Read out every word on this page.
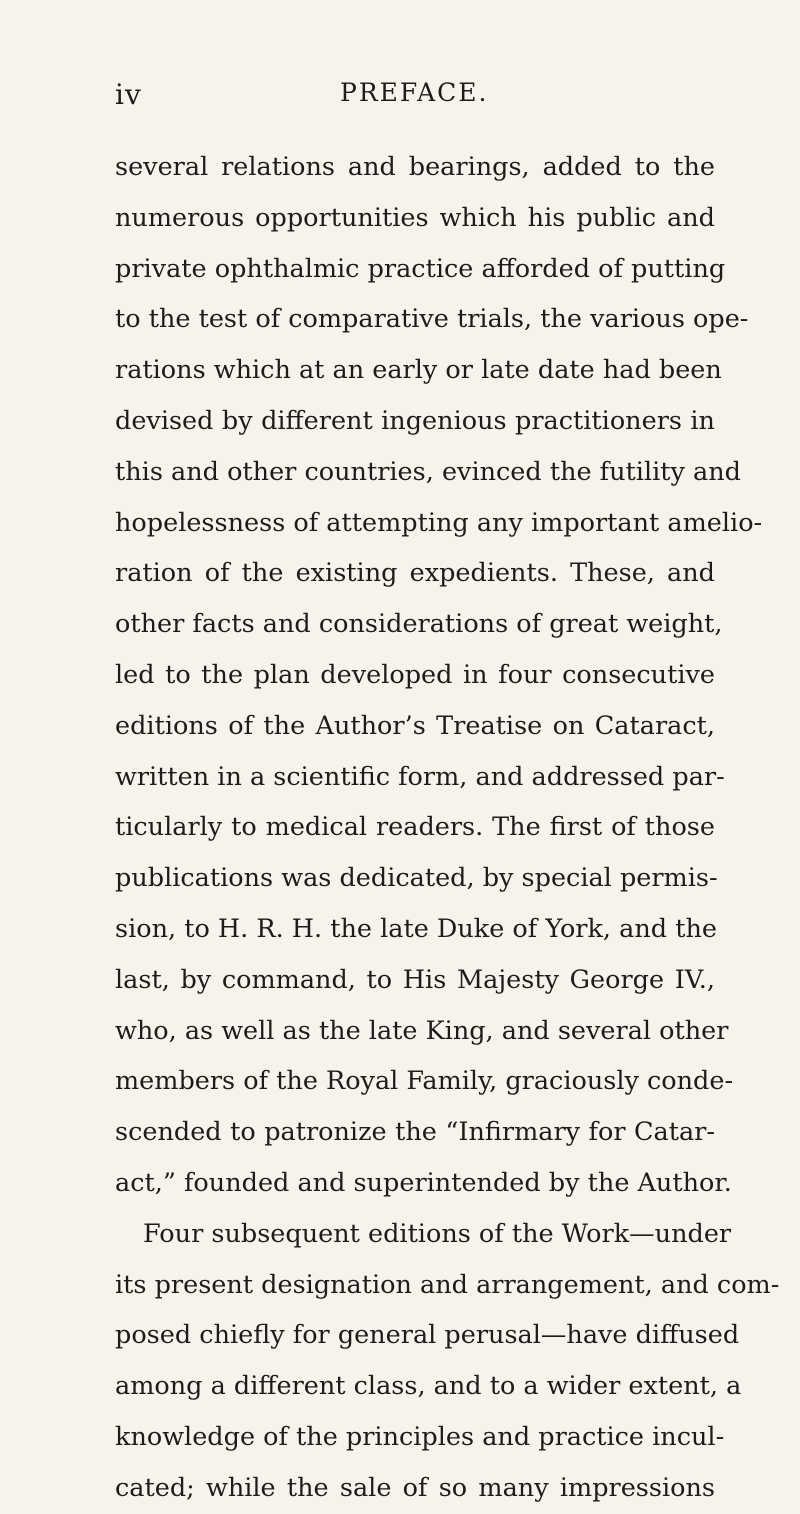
iv	PREFACE.
several relations and bearings, added to the
numerous opportunities which his public and
private ophthalmic practice afforded of putting
to the test of comparative trials, the various ope-
rations which at an early or late date had been
devised by different ingenious practitioners in
this and other countries, evinced the futility and
hopelessness of attempting any important amelio-
ration of the existing expedients. These, and
other facts and considerations of great weight,
led to the plan developed in four consecutive
editions of the Author’s Treatise on Cataract,
written in a scientific form, and addressed par-
ticularly to medical readers. The first of those
publications was dedicated, by special permis-
sion, to H. R. H. the late Duke of York, and the
last, by command, to His Majesty George IV.,
who, as well as the late King, and several other
members of the Royal Family, graciously conde-
scended to patronize the “Infirmary for Catar-
act,” founded and superintended by the Author.
Four subsequent editions of the Work—under
its present designation and arrangement, and com-
posed chiefly for general perusal—have diffused
among a different class, and to a wider extent, a
knowledge of the principles and practice incul-
cated; while the sale of so many impressions
